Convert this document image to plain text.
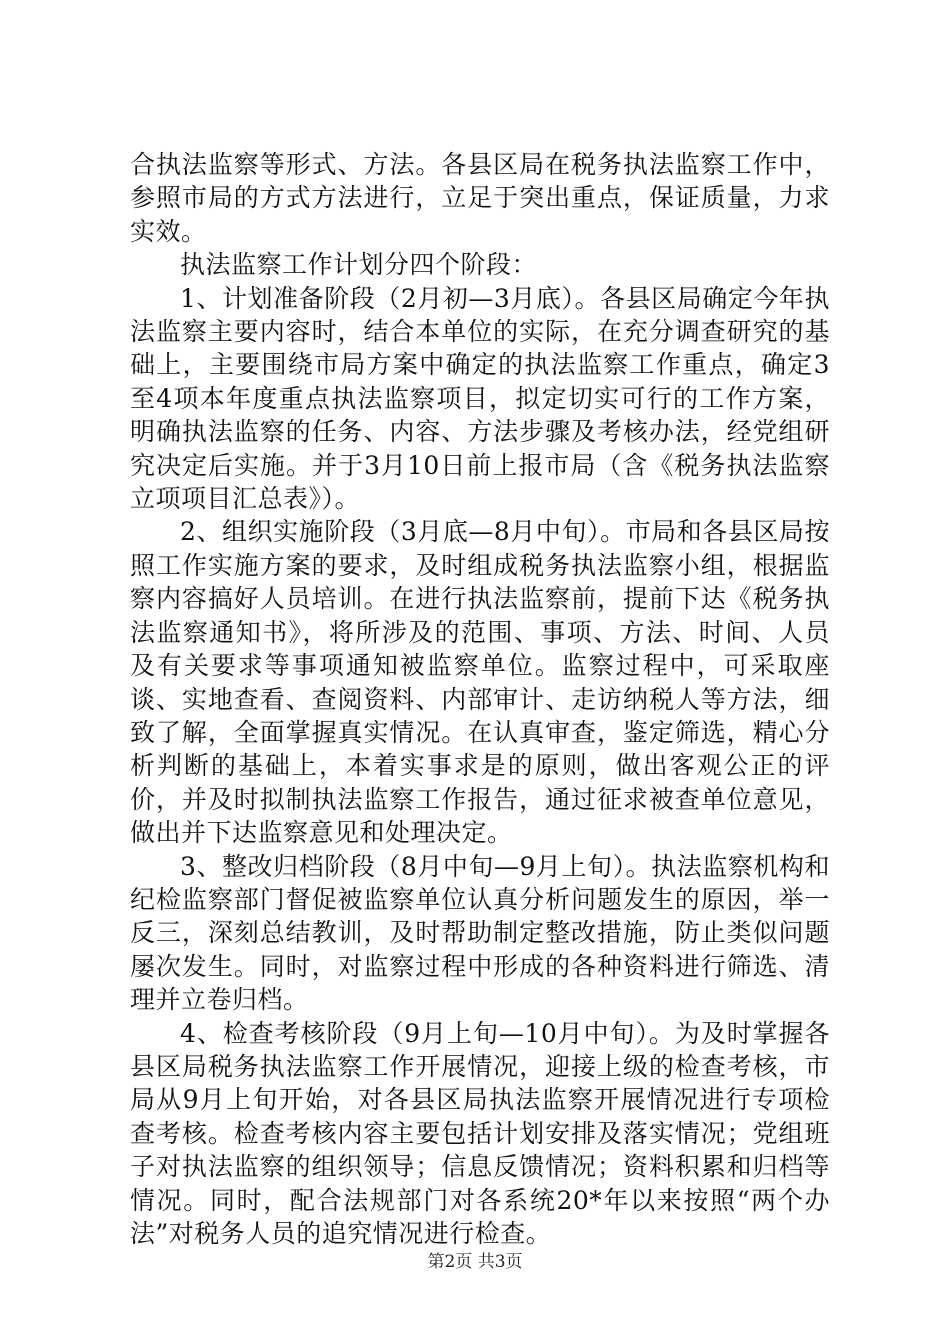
合执法监察等形式、方法。各县区局在税务执法监察工作中，参照市局的方式方法进行，立足于突出重点，保证质量，力求实效。

执法监察工作计划分四个阶段：

1、计划准备阶段（2月初—3月底）。各县区局确定今年执法监察主要内容时，结合本单位的实际，在充分调查研究的基础上，主要围绕市局方案中确定的执法监察工作重点，确定3至4项本年度重点执法监察项目，拟定切实可行的工作方案，明确执法监察的任务、内容、方法步骤及考核办法，经党组研究决定后实施。并于3月10日前上报市局（含《税务执法监察立项项目汇总表》）。

2、组织实施阶段（3月底—8月中旬）。市局和各县区局按照工作实施方案的要求，及时组成税务执法监察小组，根据监察内容搞好人员培训。在进行执法监察前，提前下达《税务执法监察通知书》，将所涉及的范围、事项、方法、时间、人员及有关要求等事项通知被监察单位。监察过程中，可采取座谈、实地查看、查阅资料、内部审计、走访纳税人等方法，细致了解，全面掌握真实情况。在认真审查，鉴定筛选，精心分析判断的基础上，本着实事求是的原则，做出客观公正的评价，并及时拟制执法监察工作报告，通过征求被查单位意见，做出并下达监察意见和处理决定。

3、整改归档阶段（8月中旬—9月上旬）。执法监察机构和纪检监察部门督促被监察单位认真分析问题发生的原因，举一反三，深刻总结教训，及时帮助制定整改措施，防止类似问题屡次发生。同时，对监察过程中形成的各种资料进行筛选、清理并立卷归档。

4、检查考核阶段（9月上旬—10月中旬）。为及时掌握各县区局税务执法监察工作开展情况，迎接上级的检查考核，市局从9月上旬开始，对各县区局执法监察开展情况进行专项检查考核。检查考核内容主要包括计划安排及落实情况；党组班子对执法监察的组织领导；信息反馈情况；资料积累和归档等情况。同时，配合法规部门对各系统20*年以来按照“两个办法”对税务人员的追究情况进行检查。

第2页 共3页
